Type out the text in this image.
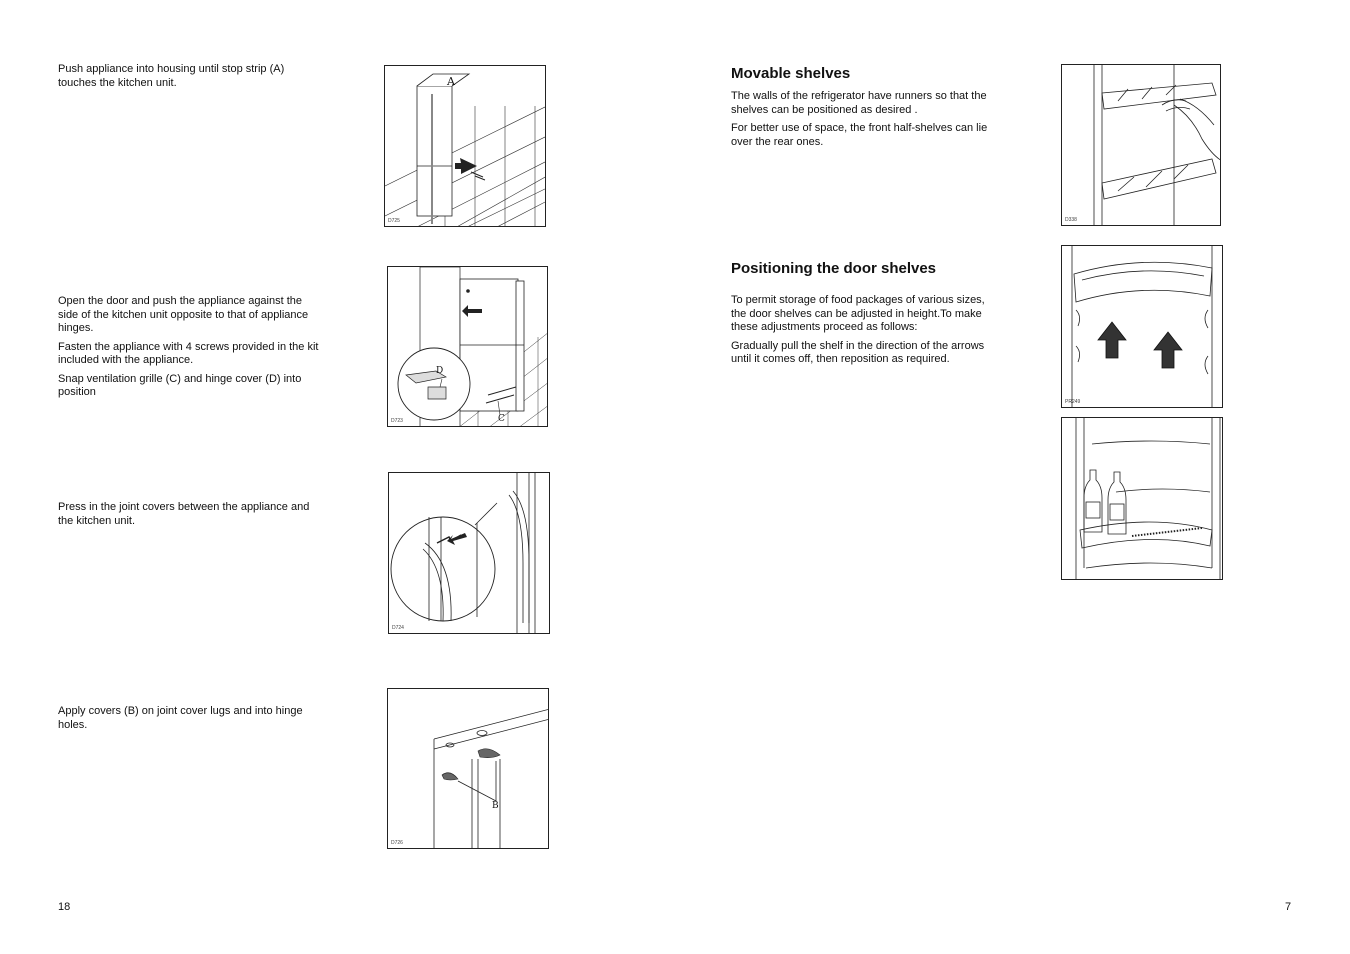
Push appliance into housing until stop strip (A) touches the kitchen unit.	A
D725

Open the door and push the appliance against the side of the kitchen unit opposite to that of appliance hinges.

Fasten the appliance with 4 screws provided in the kit included with the appliance.

Snap ventilation grille (C) and hinge cover (D) into position

D
C
D723

Press in the joint covers between the appliance and the kitchen unit.

D724

Apply covers (B) on joint cover lugs and into hinge holes.

B
D726
18
Movable shelves

The walls of the refrigerator have runners so that the shelves can be positioned as desired .

For better use of space, the front half-shelves can lie over the rear ones.

D338
Positioning the door shelves

To permit storage of food packages of various sizes, the door shelves can be adjusted in height.To make these adjustments proceed as follows:

Gradually pull the shelf in the direction of the arrows until it comes off, then reposition as required.

PR249
7
